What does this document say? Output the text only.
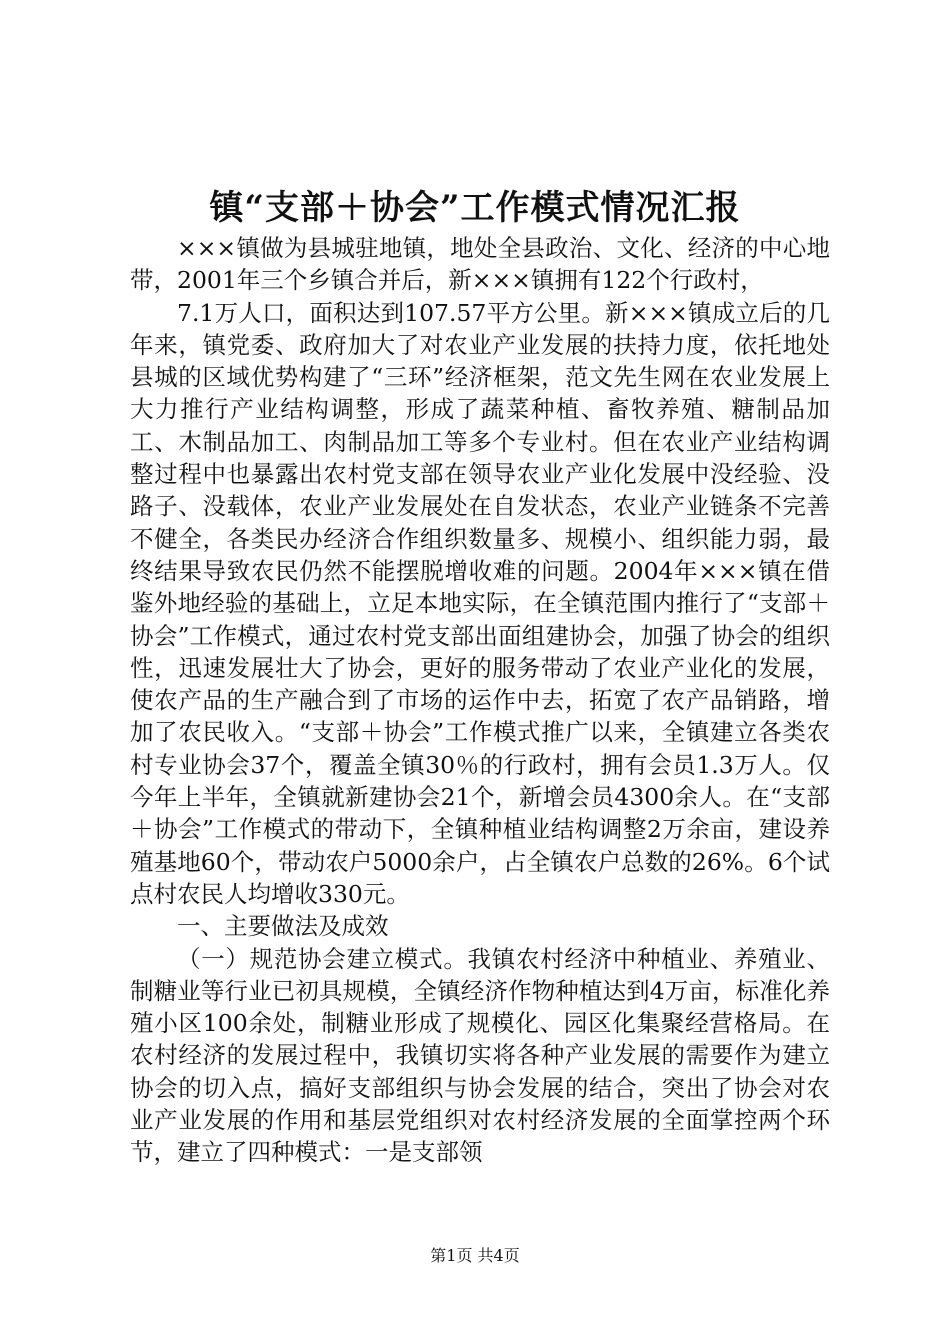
镇“支部＋协会”工作模式情况汇报

×××镇做为县城驻地镇，地处全县政治、文化、经济的中心地带，2001年三个乡镇合并后，新×××镇拥有122个行政村，

7.1万人口，面积达到107.57平方公里。新×××镇成立后的几年来，镇党委、政府加大了对农业产业发展的扶持力度，依托地处县城的区域优势构建了“三环”经济框架，范文先生网在农业发展上大力推行产业结构调整，形成了蔬菜种植、畜牧养殖、糖制品加工、木制品加工、肉制品加工等多个专业村。但在农业产业结构调整过程中也暴露出农村党支部在领导农业产业化发展中没经验、没路子、没载体，农业产业发展处在自发状态，农业产业链条不完善不健全，各类民办经济合作组织数量多、规模小、组织能力弱，最终结果导致农民仍然不能摆脱增收难的问题。2004年×××镇在借鉴外地经验的基础上，立足本地实际，在全镇范围内推行了“支部＋协会”工作模式，通过农村党支部出面组建协会，加强了协会的组织性，迅速发展壮大了协会，更好的服务带动了农业产业化的发展，使农产品的生产融合到了市场的运作中去，拓宽了农产品销路，增加了农民收入。“支部＋协会”工作模式推广以来，全镇建立各类农村专业协会37个，覆盖全镇30％的行政村，拥有会员1.3万人。仅今年上半年，全镇就新建协会21个，新增会员4300余人。在“支部＋协会”工作模式的带动下，全镇种植业结构调整2万余亩，建设养殖基地60个，带动农户5000余户，占全镇农户总数的26%。6个试点村农民人均增收330元。

一、主要做法及成效

（一）规范协会建立模式。我镇农村经济中种植业、养殖业、制糖业等行业已初具规模，全镇经济作物种植达到4万亩，标准化养殖小区100余处，制糖业形成了规模化、园区化集聚经营格局。在农村经济的发展过程中，我镇切实将各种产业发展的需要作为建立协会的切入点，搞好支部组织与协会发展的结合，突出了协会对农业产业发展的作用和基层党组织对农村经济发展的全面掌控两个环节，建立了四种模式：一是支部领

第1页 共4页
